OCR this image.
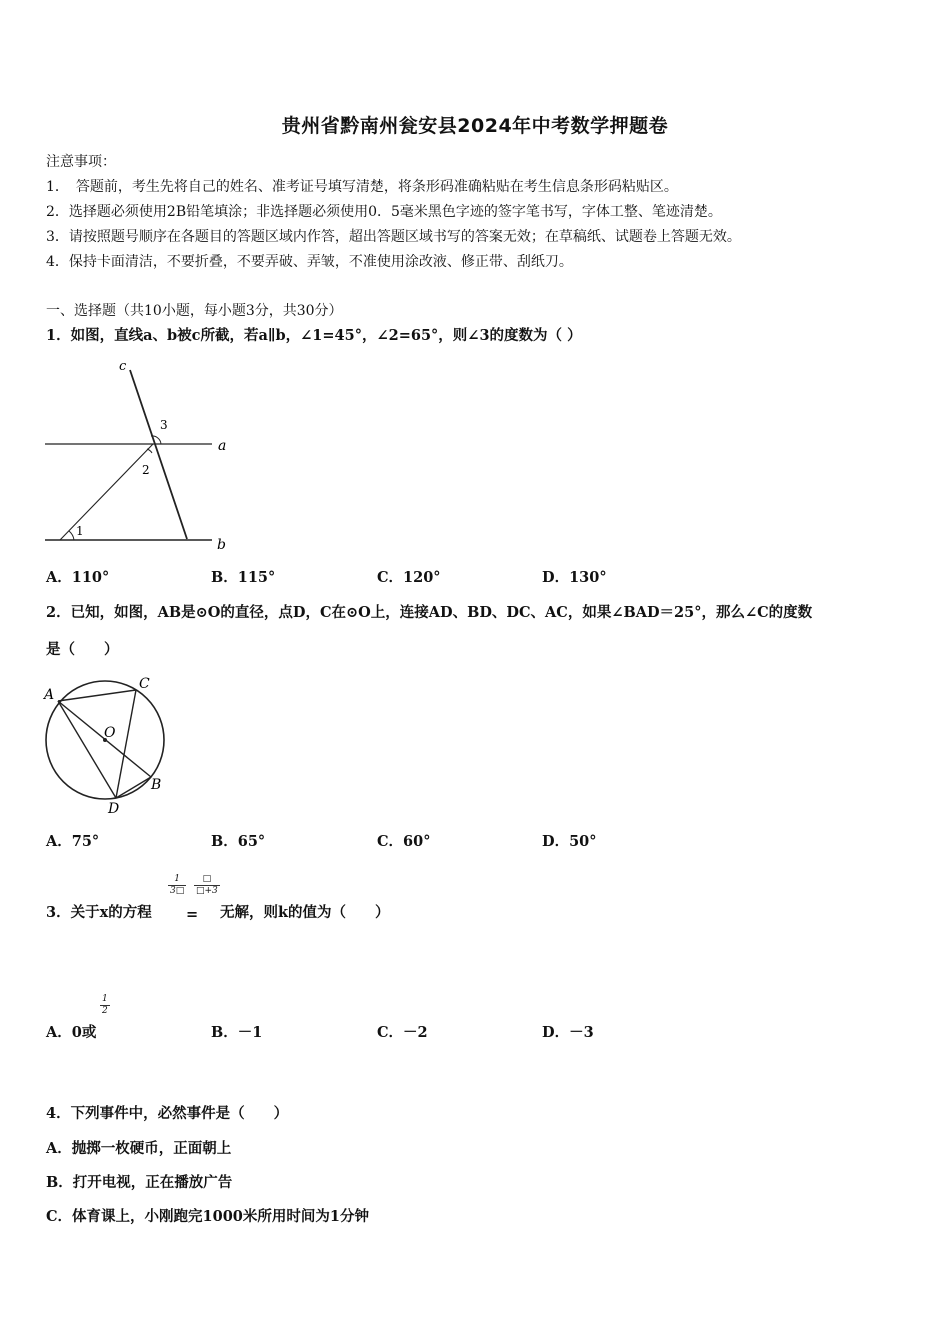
贵州省黔南州瓮安县2024年中考数学押题卷
注意事项：
1．　答题前，考生先将自己的姓名、准考证号填写清楚，将条形码准确粘贴在考生信息条形码粘贴区。
2．选择题必须使用2B铅笔填涂；非选择题必须使用0．5毫米黑色字迹的签字笔书写，字体工整、笔迹清楚。
3．请按照题号顺序在各题目的答题区域内作答，超出答题区域书写的答案无效；在草稿纸、试题卷上答题无效。
4．保持卡面清洁，不要折叠，不要弄破、弄皱，不准使用涂改液、修正带、刮纸刀。
一、选择题（共10小题，每小题3分，共30分）
1．如图，直线a、b被c所截，若a∥b，∠1=45°，∠2=65°，则∠3的度数为（ ）
c
a
b
1
2
3
A．110°	B．115°	C．120°	D．130°
2．已知，如图，AB是⊙O的直径，点D，C在⊙O上，连接AD、BD、DC、AC，如果∠BAD＝25°，那么∠C的度数
是（　　）
A
C
O
B
D
A．75°	B．65°	C．60°	D．50°
$\frac{1}{3□}$	□
□+3
3．关于x的方程 = 无解，则k的值为（　　）
$\frac{1}{2}$
A．0或	B．－1	C．－2	D．－3
4．下列事件中，必然事件是（　　）
A．抛掷一枚硬币，正面朝上
B．打开电视，正在播放广告
C．体育课上，小刚跑完1000米所用时间为1分钟
